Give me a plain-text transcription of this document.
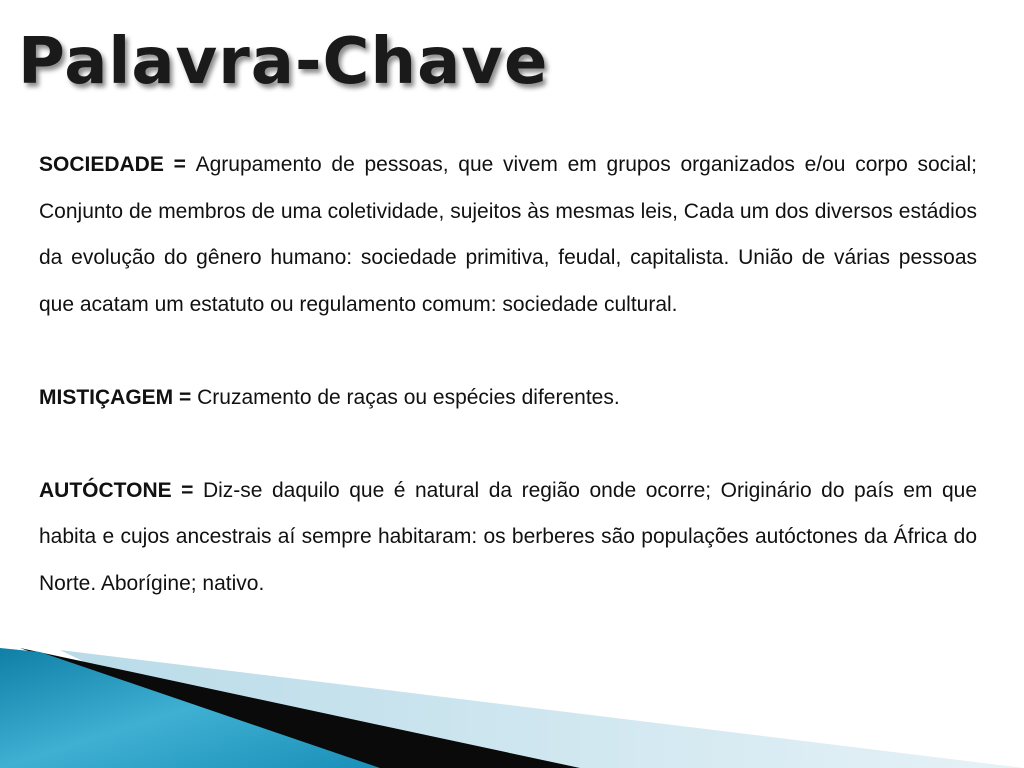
Palavra-Chave

SOCIEDADE = Agrupamento de pessoas, que vivem em grupos organizados e/ou corpo social; Conjunto de membros de uma coletividade, sujeitos às mesmas leis, Cada um dos diversos estádios da evolução do gênero humano: sociedade primitiva, feudal, capitalista. União de várias pessoas que acatam um estatuto ou regulamento comum: sociedade cultural.

MISTIÇAGEM = Cruzamento de raças ou espécies diferentes.

AUTÓCTONE = Diz-se daquilo que é natural da região onde ocorre; Originário do país em que habita e cujos ancestrais aí sempre habitaram: os berberes são populações autóctones da África do Norte. Aborígine; nativo.
